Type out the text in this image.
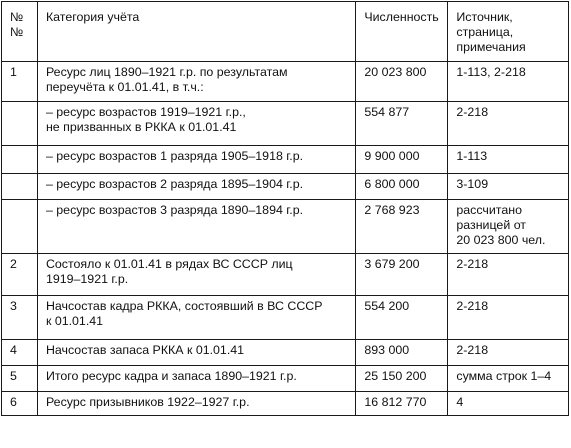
№№	Категория учёта	Численность	Источник,
страница,
примечания

1	Ресурс лиц 1890–1921 г.р. по результатам
переучёта к 01.01.41, в т.ч.:	20 023 800	1-113, 2-218

	– ресурс возрастов 1919–1921 г.р.,
не призванных в РККА к 01.01.41	554 877	2-218
	– ресурс возрастов 1 разряда 1905–1918 г.р.	9 900 000	1-113
	– ресурс возрастов 2 разряда 1895–1904 г.р.	6 800 000	3-109
	– ресурс возрастов 3 разряда 1890–1894 г.р.	2 768 923	рассчитано
разницей от
20 023 800 чел.

2	Состояло к 01.01.41 в рядах ВС СССР лиц
1919–1921 г.р.	3 679 200	2-218
3	Начсостав кадра РККА, состоявший в ВС СССР
к 01.01.41	554 200	2-218
4	Начсостав запаса РККА к 01.01.41	893 000	2-218
5	Итого ресурс кадра и запаса 1890–1921 г.р.	25 150 200	сумма строк 1–4
6	Ресурс призывников 1922–1927 г.р.	16 812 770	4
